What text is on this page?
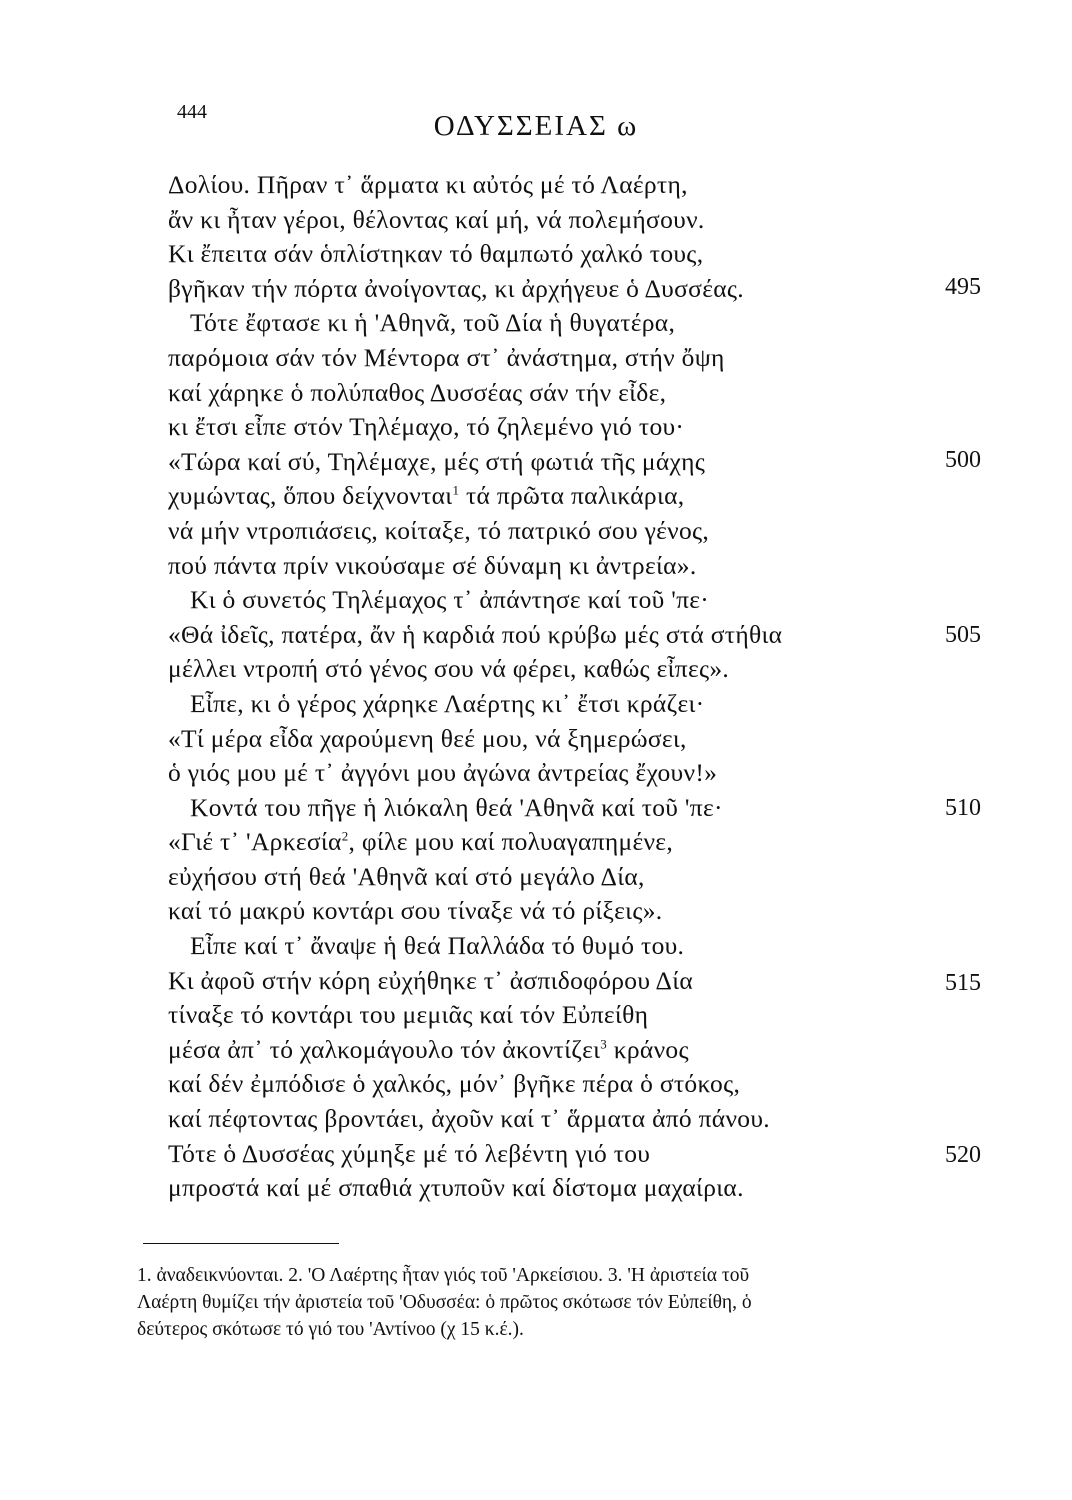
444	ΟΔΥΣΣΕΙΑΣ ω
Δολίου. Πῆραν τ᾽ ἅρματα κι αὐτός μέ τό Λαέρτη,
ἄν κι ἦταν γέροι, θέλοντας καί μή, νά πολεμήσουν.
Κι ἔπειτα σάν ὁπλίστηκαν τό θαμπωτό χαλκό τους,
βγῆκαν τήν πόρτα ἀνοίγοντας, κι ἀρχήγευε ὁ Δυσσέας.
Τότε ἔφτασε κι ἡ 'Αθηνᾶ, τοῦ Δία ἡ θυγατέρα,
παρόμοια σάν τόν Μέντορα στ᾽ ἀνάστημα, στήν ὄψη
καί χάρηκε ὁ πολύπαθος Δυσσέας σάν τήν εἶδε,
κι ἔτσι εἶπε στόν Τηλέμαχο, τό ζηλεμένο γιό του·
«Τώρα καί σύ, Τηλέμαχε, μές στή φωτιά τῆς μάχης
χυμώντας, ὅπου δείχνονται$^1$ τά πρῶτα παλικάρια,
νά μήν ντροπιάσεις, κοίταξε, τό πατρικό σου γένος,
πού πάντα πρίν νικούσαμε σέ δύναμη κι ἀντρεία».
Κι ὁ συνετός Τηλέμαχος τ᾽ ἀπάντησε καί τοῦ 'πε·
«Θά ἰδεῖς, πατέρα, ἄν ἡ καρδιά πού κρύβω μές στά στήθια
μέλλει ντροπή στό γένος σου νά φέρει, καθώς εἶπες».
Εἶπε, κι ὁ γέρος χάρηκε Λαέρτης κι᾽ ἔτσι κράζει·
«Τί μέρα εἶδα χαρούμενη θεέ μου, νά ξημερώσει,
ὁ γιός μου μέ τ᾽ ἀγγόνι μου ἀγώνα ἀντρείας ἔχουν!»
Κοντά του πῆγε ἡ λιόκαλη θεά 'Αθηνᾶ καί τοῦ 'πε·
«Γιέ τ᾽ 'Αρκεσία$^2$, φίλε μου καί πολυαγαπημένε,
εὐχήσου στή θεά 'Αθηνᾶ καί στό μεγάλο Δία,
καί τό μακρύ κοντάρι σου τίναξε νά τό ρίξεις».
Εἶπε καί τ᾽ ἄναψε ἡ θεά Παλλάδα τό θυμό του.
Κι ἀφοῦ στήν κόρη εὐχήθηκε τ᾽ ἀσπιδοφόρου Δία
τίναξε τό κοντάρι του μεμιᾶς καί τόν Εὐπείθη
μέσα ἀπ᾽ τό χαλκομάγουλο τόν ἀκοντίζει$^3$ κράνος
καί δέν ἐμπόδισε ὁ χαλκός, μόν᾽ βγῆκε πέρα ὁ στόκος,
καί πέφτοντας βροντάει, ἀχοῦν καί τ᾽ ἅρματα ἀπό πάνου.
Τότε ὁ Δυσσέας χύμηξε μέ τό λεβέντη γιό του
μπροστά καί μέ σπαθιά χτυποῦν καί δίστομα μαχαίρια.
495
500
505
510
515
520
1. ἀναδεικνύονται. 2. 'Ο Λαέρτης ἦταν γιός τοῦ 'Αρκείσιου. 3. 'Η ἀριστεία τοῦ
Λαέρτη θυμίζει τήν ἀριστεία τοῦ 'Οδυσσέα: ὁ πρῶτος σκότωσε τόν Εὐπείθη, ὁ
δεύτερος σκότωσε τό γιό του 'Αντίνοο (χ 15 κ.έ.).
